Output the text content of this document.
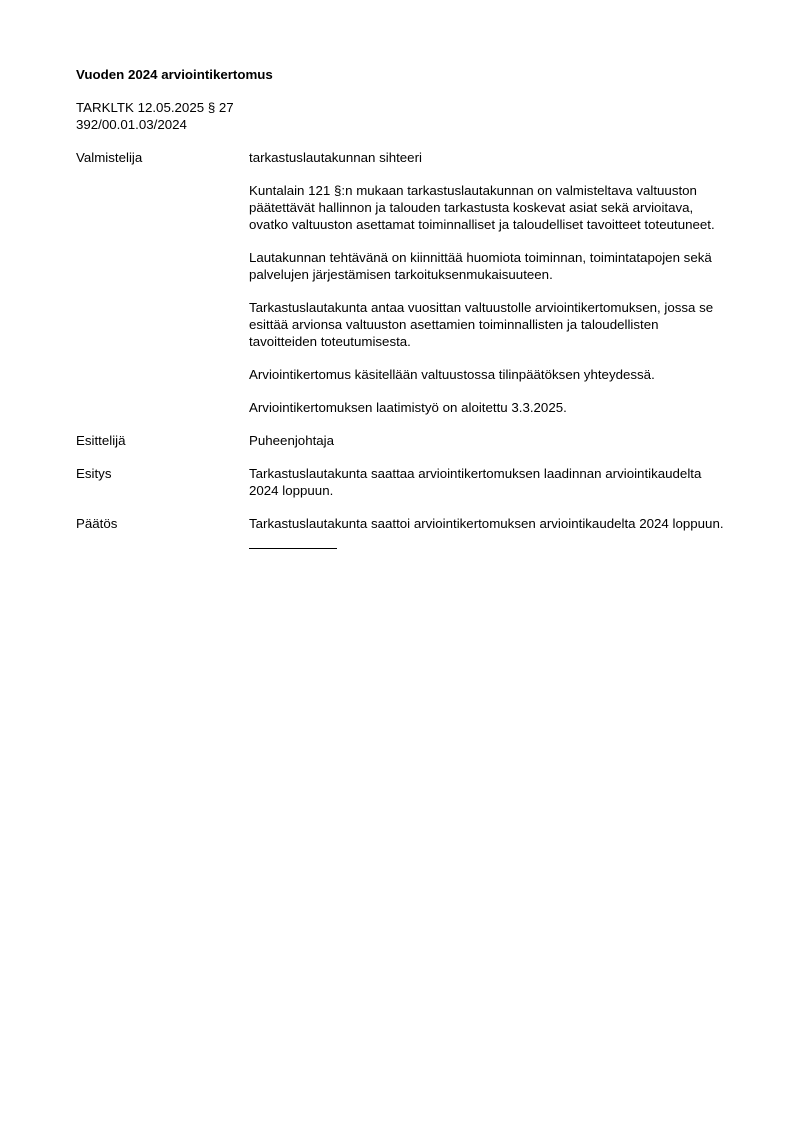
Vuoden 2024 arviointikertomus

TARKLTK 12.05.2025 § 27
392/00.01.03/2024
Valmistelija	tarkastuslautakunnan sihteeri

Kuntalain 121 §:n mukaan tarkastuslautakunnan on valmisteltava valtuuston päätettävät hallinnon ja talouden tarkastusta koskevat asiat sekä arvioitava, ovatko valtuuston asettamat toiminnalliset ja taloudelliset tavoitteet toteutuneet.

Lautakunnan tehtävänä on kiinnittää huomiota toiminnan, toimintatapojen sekä palvelujen järjestämisen tarkoituksenmukaisuuteen.

Tarkastuslautakunta antaa vuosittan valtuustolle arviointikertomuksen, jossa se esittää arvionsa valtuuston asettamien toiminnallisten ja taloudellisten tavoitteiden toteutumisesta.

Arviointikertomus käsitellään valtuustossa tilinpäätöksen yhteydessä.

Arviointikertomuksen laatimistyö on aloitettu 3.3.2025.

Esittelijä	Puheenjohtaja
Esitys	Tarkastuslautakunta saattaa arviointikertomuksen laadinnan arviointikaudelta 2024 loppuun.
Päätös	Tarkastuslautakunta saattoi arviointikertomuksen arviointikaudelta 2024 loppuun.
